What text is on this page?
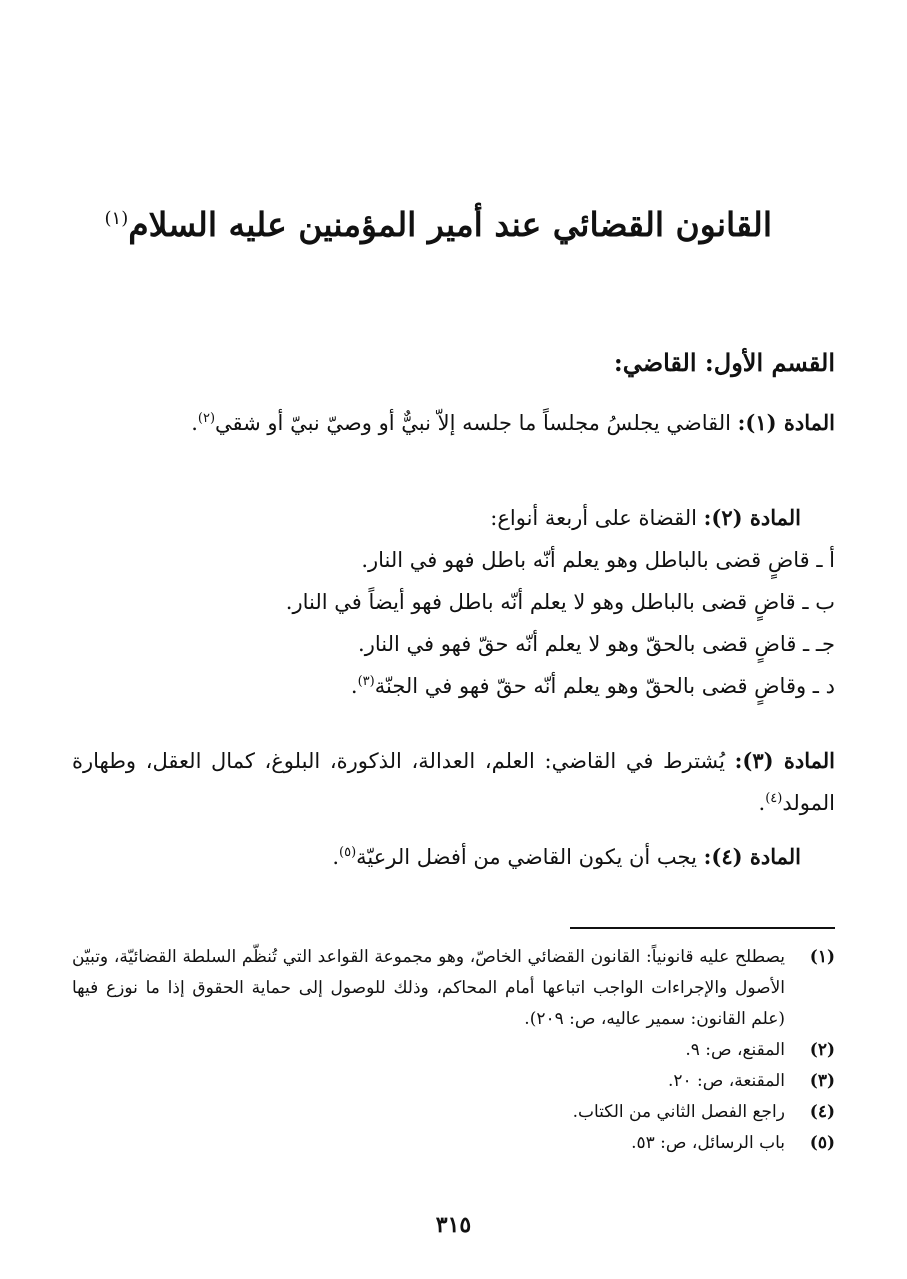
القانون القضائي عند أمير المؤمنين عليه السلام$^{(١)}$
القسم الأول: القاضي:

المادة (١): القاضي يجلسُ مجلساً ما جلسه إلاّ نبيٌّ أو وصيّ نبيّ أو شقي$^{(٢)}$.

المادة (٢): القضاة على أربعة أنواع:

أ ـ قاضٍ قضى بالباطل وهو يعلم أنّه باطل فهو في النار.

ب ـ قاضٍ قضى بالباطل وهو لا يعلم أنّه باطل فهو أيضاً في النار.

جـ ـ قاضٍ قضى بالحقّ وهو لا يعلم أنّه حقّ فهو في النار.

د ـ وقاضٍ قضى بالحقّ وهو يعلم أنّه حقّ فهو في الجنّة$^{(٣)}$.

المادة (٣): يُشترط في القاضي: العلم، العدالة، الذكورة، البلوغ، كمال العقل، وطهارة المولد$^{(٤)}$.

المادة (٤): يجب أن يكون القاضي من أفضل الرعيّة$^{(٥)}$.

(١)
يصطلح عليه قانونياً: القانون القضائي الخاصّ، وهو مجموعة القواعد التي تُنظّم السلطة القضائيّة، وتبيّن الأصول والإجراءات الواجب اتباعها أمام المحاكم، وذلك للوصول إلى حماية الحقوق إذا ما نوزع فيها (علم القانون: سمير عاليه، ص: ٢٠٩).
(٢)
المقنع، ص: ٩.
(٣)
المقنعة، ص: ٢٠.
(٤)
راجع الفصل الثاني من الكتاب.
(٥)
باب الرسائل، ص: ٥٣.
٣١٥
